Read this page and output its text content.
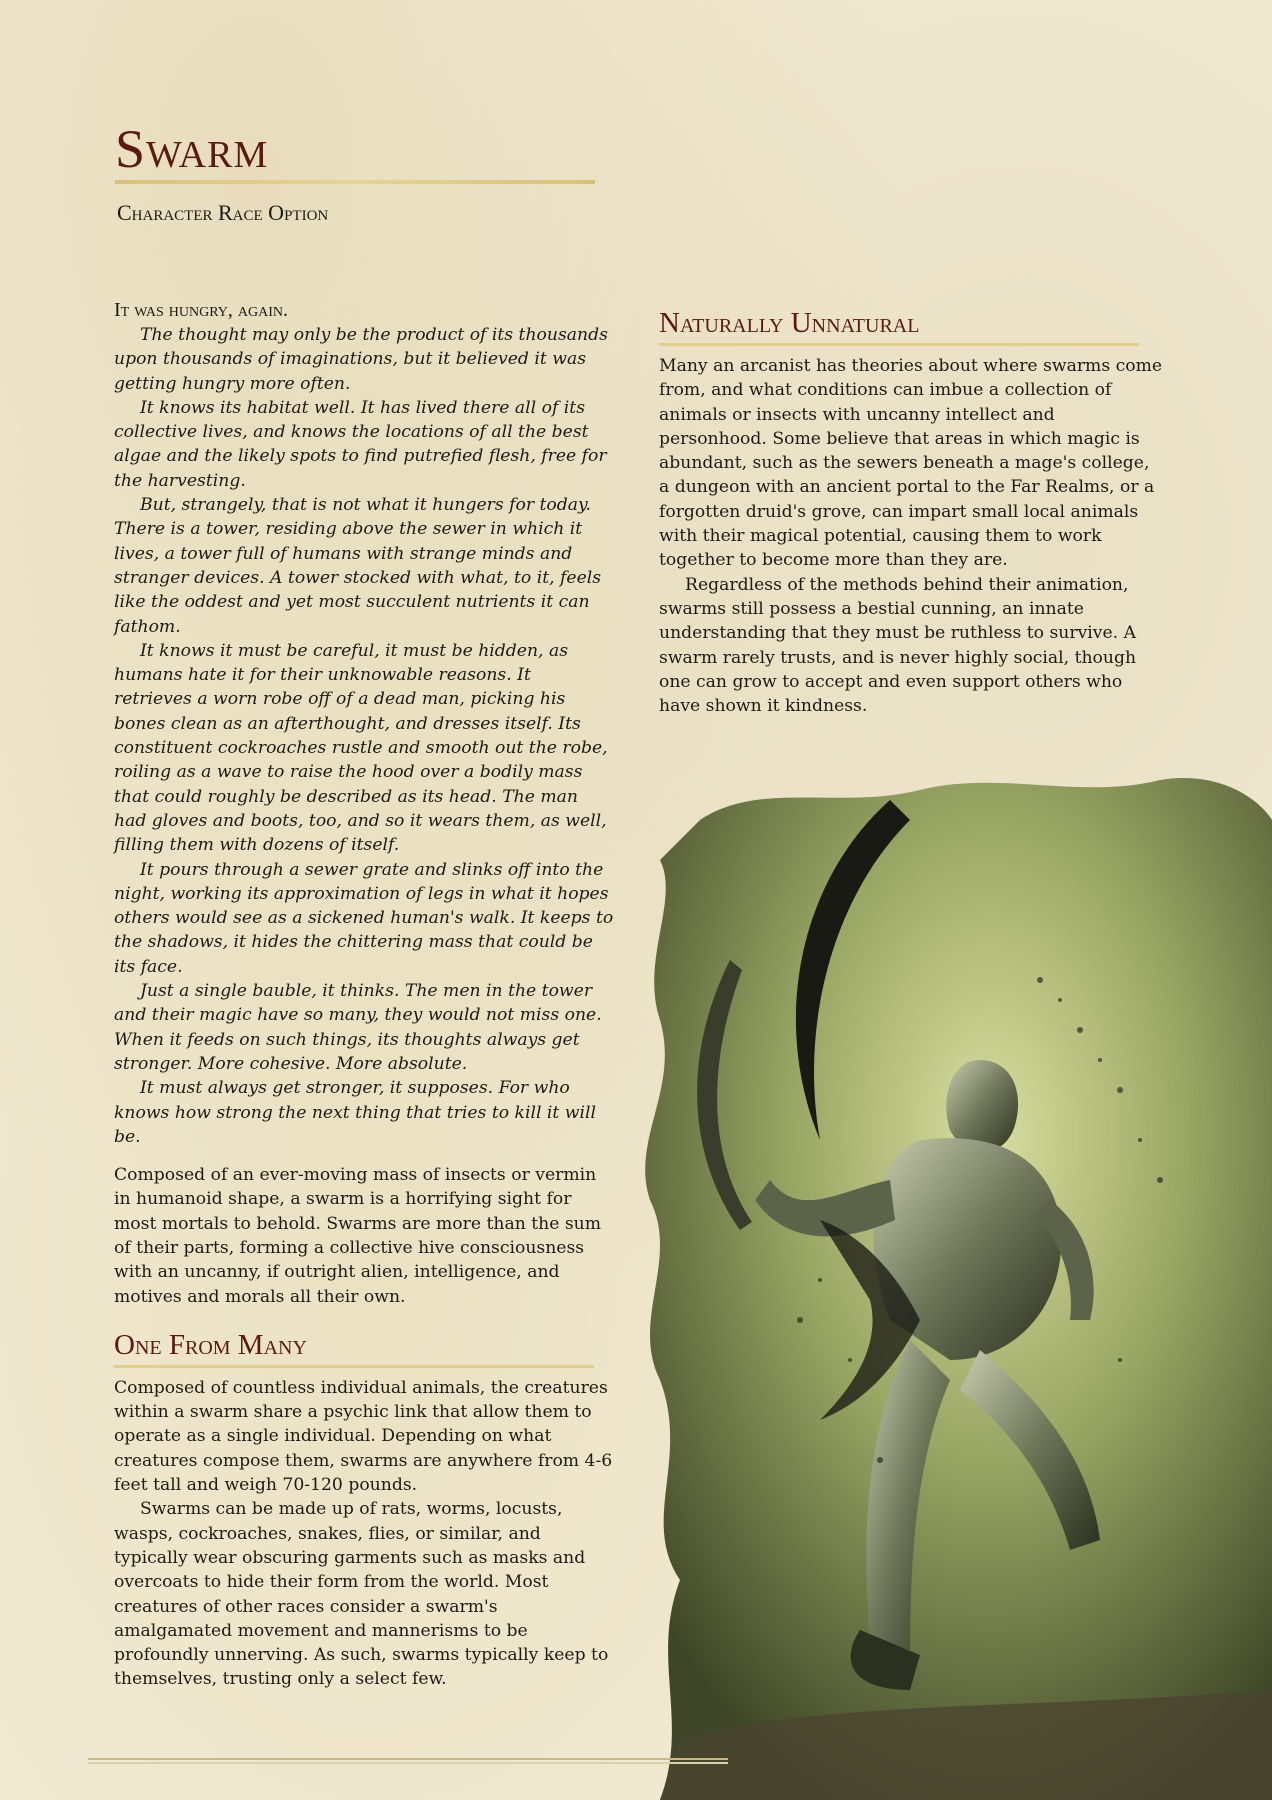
Swarm

Character Race Option

It was hungry, again.

The thought may only be the product of its thousands upon thousands of imaginations, but it believed it was getting hungry more often.

It knows its habitat well. It has lived there all of its collective lives, and knows the locations of all the best algae and the likely spots to find putrefied flesh, free for the harvesting.

But, strangely, that is not what it hungers for today. There is a tower, residing above the sewer in which it lives, a tower full of humans with strange minds and stranger devices. A tower stocked with what, to it, feels like the oddest and yet most succulent nutrients it can fathom.

It knows it must be careful, it must be hidden, as humans hate it for their unknowable reasons. It retrieves a worn robe off of a dead man, picking his bones clean as an afterthought, and dresses itself. Its constituent cockroaches rustle and smooth out the robe, roiling as a wave to raise the hood over a bodily mass that could roughly be described as its head. The man had gloves and boots, too, and so it wears them, as well, filling them with dozens of itself.

It pours through a sewer grate and slinks off into the night, working its approximation of legs in what it hopes others would see as a sickened human's walk. It keeps to the shadows, it hides the chittering mass that could be its face.

Just a single bauble, it thinks. The men in the tower and their magic have so many, they would not miss one. When it feeds on such things, its thoughts always get stronger. More cohesive. More absolute.

It must always get stronger, it supposes. For who knows how strong the next thing that tries to kill it will be.

Composed of an ever-moving mass of insects or vermin in humanoid shape, a swarm is a horrifying sight for most mortals to behold. Swarms are more than the sum of their parts, forming a collective hive consciousness with an uncanny, if outright alien, intelligence, and motives and morals all their own.

One From Many

Composed of countless individual animals, the creatures within a swarm share a psychic link that allow them to operate as a single individual. Depending on what creatures compose them, swarms are anywhere from 4-6 feet tall and weigh 70-120 pounds.

Swarms can be made up of rats, worms, locusts, wasps, cockroaches, snakes, flies, or similar, and typically wear obscuring garments such as masks and overcoats to hide their form from the world. Most creatures of other races consider a swarm's amalgamated movement and mannerisms to be profoundly unnerving. As such, swarms typically keep to themselves, trusting only a select few.

Naturally Unnatural

Many an arcanist has theories about where swarms come from, and what conditions can imbue a collection of animals or insects with uncanny intellect and personhood. Some believe that areas in which magic is abundant, such as the sewers beneath a mage's college, a dungeon with an ancient portal to the Far Realms, or a forgotten druid's grove, can impart small local animals with their magical potential, causing them to work together to become more than they are.

Regardless of the methods behind their animation, swarms still possess a bestial cunning, an innate understanding that they must be ruthless to survive. A swarm rarely trusts, and is never highly social, though one can grow to accept and even support others who have shown it kindness.
